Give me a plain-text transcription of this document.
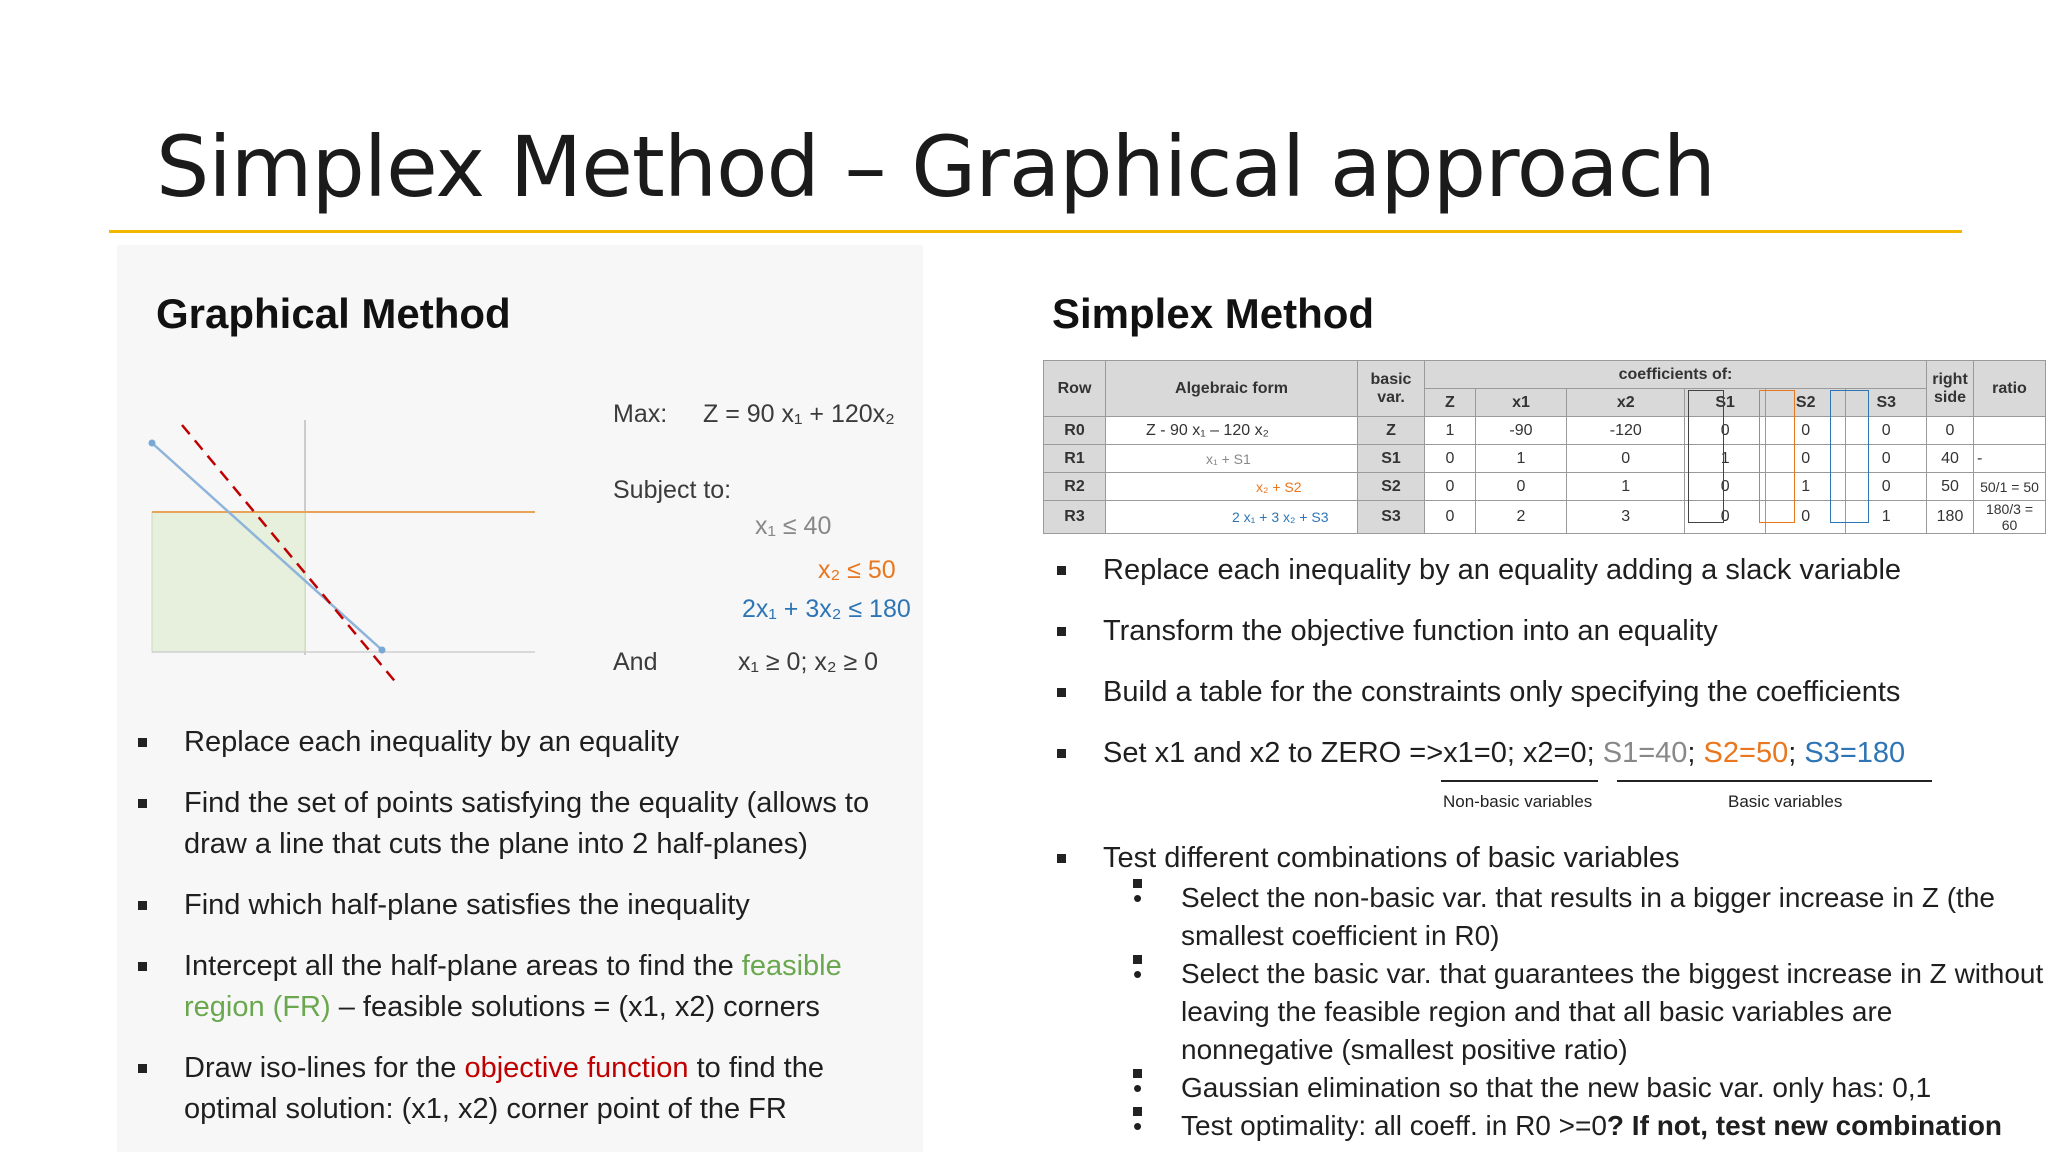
Simplex Method – Graphical approach
Graphical Method
Max: Z = 90 x₁ + 120x₂
Subject to:
x₁ ≤ 40
x₂ ≤ 50
2x₁ + 3x₂ ≤ 180
And	x₁ ≥ 0; x₂ ≥ 0
Replace each inequality by an equality
Find the set of points satisfying the equality (allows to draw a line that cuts the plane into 2 half-planes)
Find which half-plane satisfies the inequality
Intercept all the half-plane areas to find the feasible region (FR) – feasible solutions = (x1, x2) corners
Draw iso-lines for the objective function to find the optimal solution: (x1, x2) corner point of the FR
Simplex Method
Row	Algebraic form	basic var.	coefficients of:						right side	ratio
			Z	x1	x2	S1	S2	S3		
R0	Z - 90 x₁ – 120 x₂	Z	1	-90	-120	0	0	0	0	
R1	x₁ + S1	S1	0	1	0	1	0	0	40	-
R2	x₂ + S2	S2	0	0	1	0	1	0	50	50/1 = 50
R3	2 x₁ + 3 x₂ + S3	S3	0	2	3	0	0	1	180	180/3 = 60
Replace each inequality by an equality adding a slack variable
Transform the objective function into an equality
Build a table for the constraints only specifying the coefficients
Set x1 and x2 to ZERO =>x1=0; x2=0; S1=40; S2=50; S3=180
Non-basic variables	Basic variables
Test different combinations of basic variables
• Select the non-basic var. that results in a bigger increase in Z (the smallest coefficient in R0)
• Select the basic var. that guarantees the biggest increase in Z without leaving the feasible region and that all basic variables are nonnegative (smallest positive ratio)
• Gaussian elimination so that the new basic var. only has: 0,1
• Test optimality: all coeff. in R0 >=0? If not, test new combination
